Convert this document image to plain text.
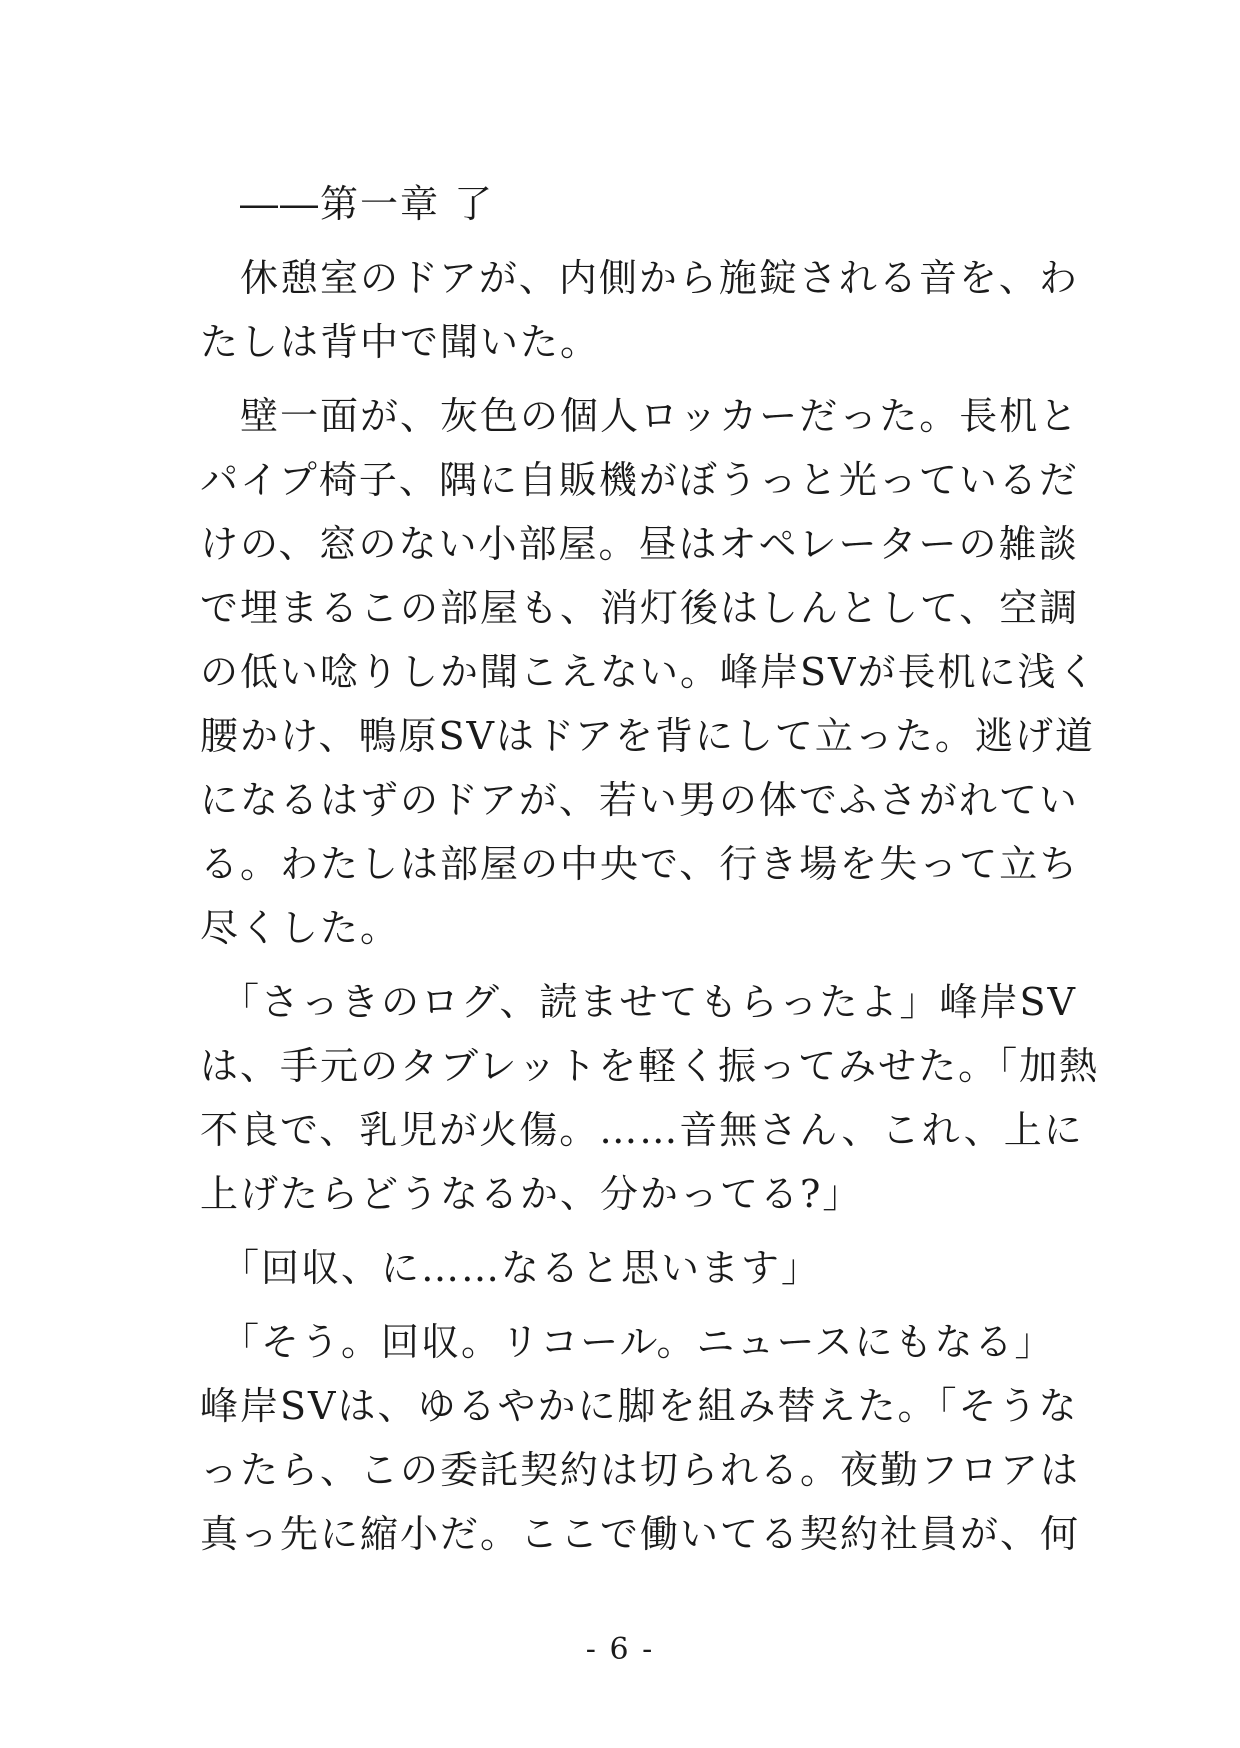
　――第一章 了
　休憩室のドアが、内側から施錠される音を、わ
たしは背中で聞いた。
　壁一面が、灰色の個人ロッカーだった。長机と
パイプ椅子、隅に自販機がぼうっと光っているだ
けの、窓のない小部屋。昼はオペレーターの雑談
で埋まるこの部屋も、消灯後はしんとして、空調
の低い唸りしか聞こえない。峰岸SVが長机に浅く
腰かけ、鴨原SVはドアを背にして立った。逃げ道
になるはずのドアが、若い男の体でふさがれてい
る。わたしは部屋の中央で、行き場を失って立ち
尽くした。
　「さっきのログ、読ませてもらったよ」峰岸SV
は、手元のタブレットを軽く振ってみせた。「加熱
不良で、乳児が火傷。……音無さん、これ、上に
上げたらどうなるか、分かってる?」
　「回収、に……なると思います」
　「そう。回収。リコール。ニュースにもなる」
峰岸SVは、ゆるやかに脚を組み替えた。「そうな
ったら、この委託契約は切られる。夜勤フロアは
真っ先に縮小だ。ここで働いてる契約社員が、何
- 6 -
